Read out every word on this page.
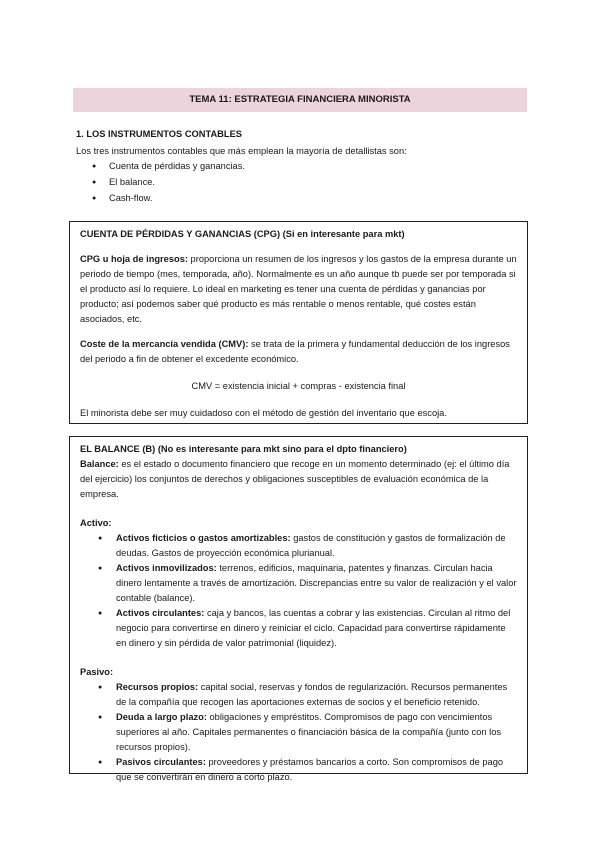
TEMA 11: ESTRATEGIA FINANCIERA MINORISTA
1. LOS INSTRUMENTOS CONTABLES
Los tres instrumentos contables que más emplean la mayoría de detallistas son:
● Cuenta de pérdidas y ganancias.
● El balance.
● Cash-flow.

CUENTA DE PÉRDIDAS Y GANANCIAS (CPG) (Si en interesante para mkt)

CPG u hoja de ingresos: proporciona un resumen de los ingresos y los gastos de la empresa durante un periodo de tiempo (mes, temporada, año). Normalmente es un año aunque tb puede ser por temporada si el producto así lo requiere. Lo ideal en marketing es tener una cuenta de pérdidas y ganancias por producto; así podemos saber qué producto es más rentable o menos rentable, qué costes están asociados, etc.

Coste de la mercancía vendida (CMV): se trata de la primera y fundamental deducción de los ingresos del periodo a fin de obtener el excedente económico.

CMV = existencia inicial + compras - existencia final

El minorista debe ser muy cuidadoso con el método de gestión del inventario que escoja.

EL BALANCE (B) (No es interesante para mkt sino para el dpto financiero)

Balance: es el estado o documento financiero que recoge en un momento determinado (ej: el último día del ejercicio) los conjuntos de derechos y obligaciones susceptibles de evaluación económica de la empresa.

Activo:

● Activos ficticios o gastos amortizables: gastos de constitución y gastos de formalización de deudas. Gastos de proyección económica plurianual.
● Activos inmovilizados: terrenos, edificios, maquinaria, patentes y finanzas. Circulan hacia dinero lentamente a través de amortización. Discrepancias entre su valor de realización y el valor contable (balance).
● Activos circulantes: caja y bancos, las cuentas a cobrar y las existencias. Circulan al ritmo del negocio para convertirse en dinero y reiniciar el ciclo. Capacidad para convertirse rápidamente en dinero y sin pérdida de valor patrimonial (liquidez).

Pasivo:

● Recursos propios: capital social, reservas y fondos de regularización. Recursos permanentes de la compañía que recogen las aportaciones externas de socios y el beneficio retenido.
● Deuda a largo plazo: obligaciones y empréstitos. Compromisos de pago con vencimientos superiores al año. Capitales permanentes o financiación básica de la compañía (junto con los recursos propios).
● Pasivos circulantes: proveedores y préstamos bancarios a corto. Son compromisos de pago que se convertirán en dinero a corto plazo.
